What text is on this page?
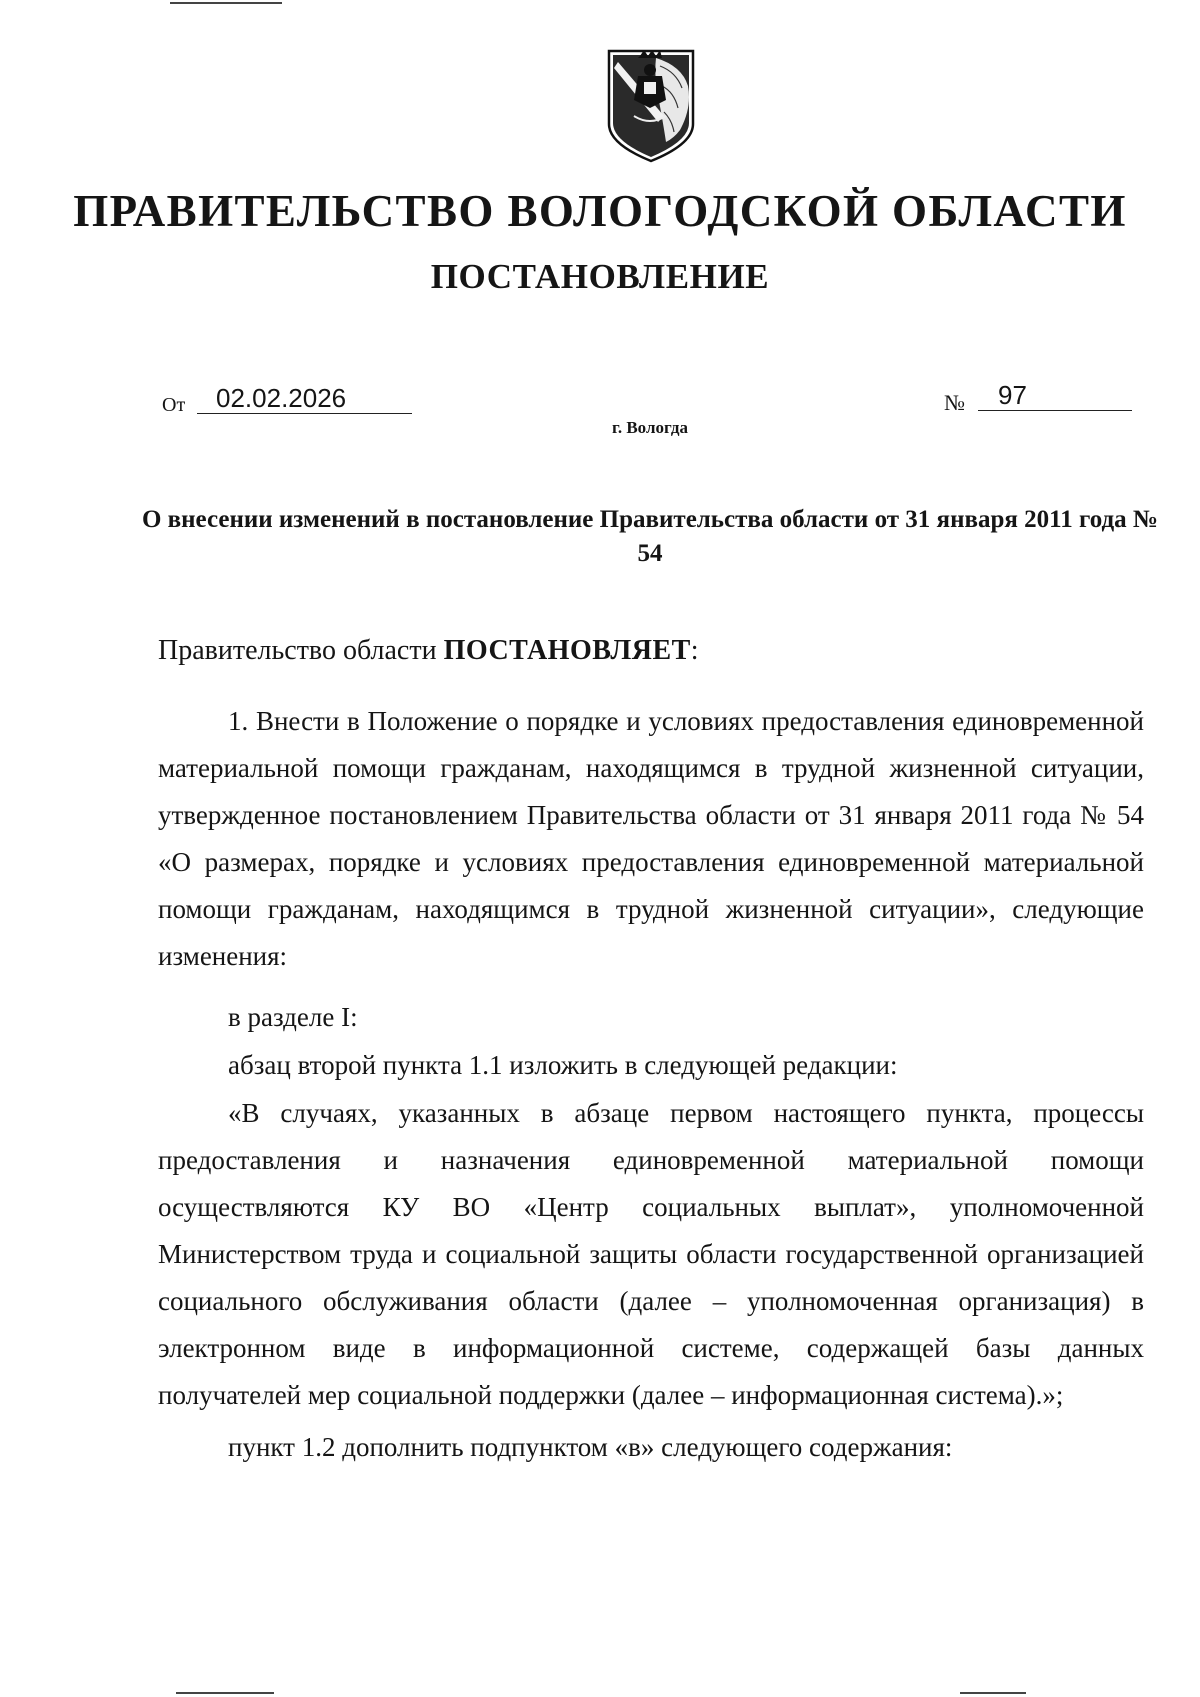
ПРАВИТЕЛЬСТВО ВОЛОГОДСКОЙ ОБЛАСТИ
ПОСТАНОВЛЕНИЕ
От 02.02.2026	№ 97
г. Вологда
О внесении изменений в постановление Правительства области от 31 января 2011 года № 54
Правительство области ПОСТАНОВЛЯЕТ:

1. Внести в Положение о порядке и условиях предоставления единовременной материальной помощи гражданам, находящимся в трудной жизненной ситуации, утвержденное постановлением Правительства области от 31 января 2011 года № 54 «О размерах, порядке и условиях предоставления единовременной материальной помощи гражданам, находящимся в трудной жизненной ситуации», следующие изменения:

в разделе I:

абзац второй пункта 1.1 изложить в следующей редакции:

«В случаях, указанных в абзаце первом настоящего пункта, процессы предоставления и назначения единовременной материальной помощи осуществляются КУ ВО «Центр социальных выплат», уполномоченной Министерством труда и социальной защиты области государственной организацией социального обслуживания области (далее – уполномоченная организация) в электронном виде в информационной системе, содержащей базы данных получателей мер социальной поддержки (далее – информационная система).»;

пункт 1.2 дополнить подпунктом «в» следующего содержания:
